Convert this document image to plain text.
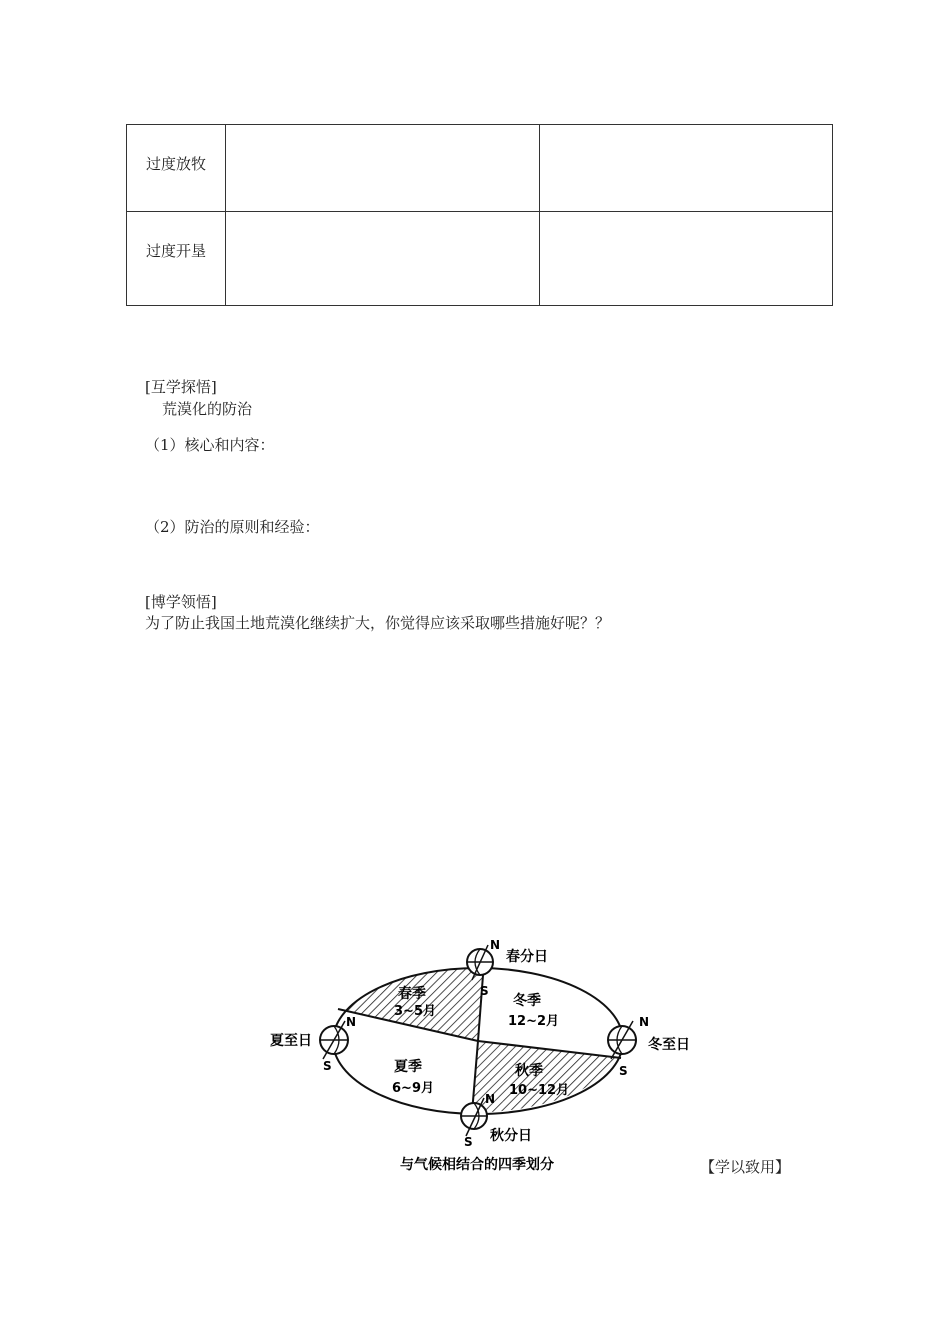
过度放牧		

过度开垦		

[互学探悟]
荒漠化的防治
（1）核心和内容：
（2）防治的原则和经验：
[博学领悟]
为了防止我国土地荒漠化继续扩大，你觉得应该采取哪些措施好呢？？
N
S
N
S
N
S
N
S
春分日
夏至日	冬至日
秋分日
春季
3~5月
冬季
12~2月
夏季
6~9月
秋季
10~12月
与气候相结合的四季划分	【学以致用】
